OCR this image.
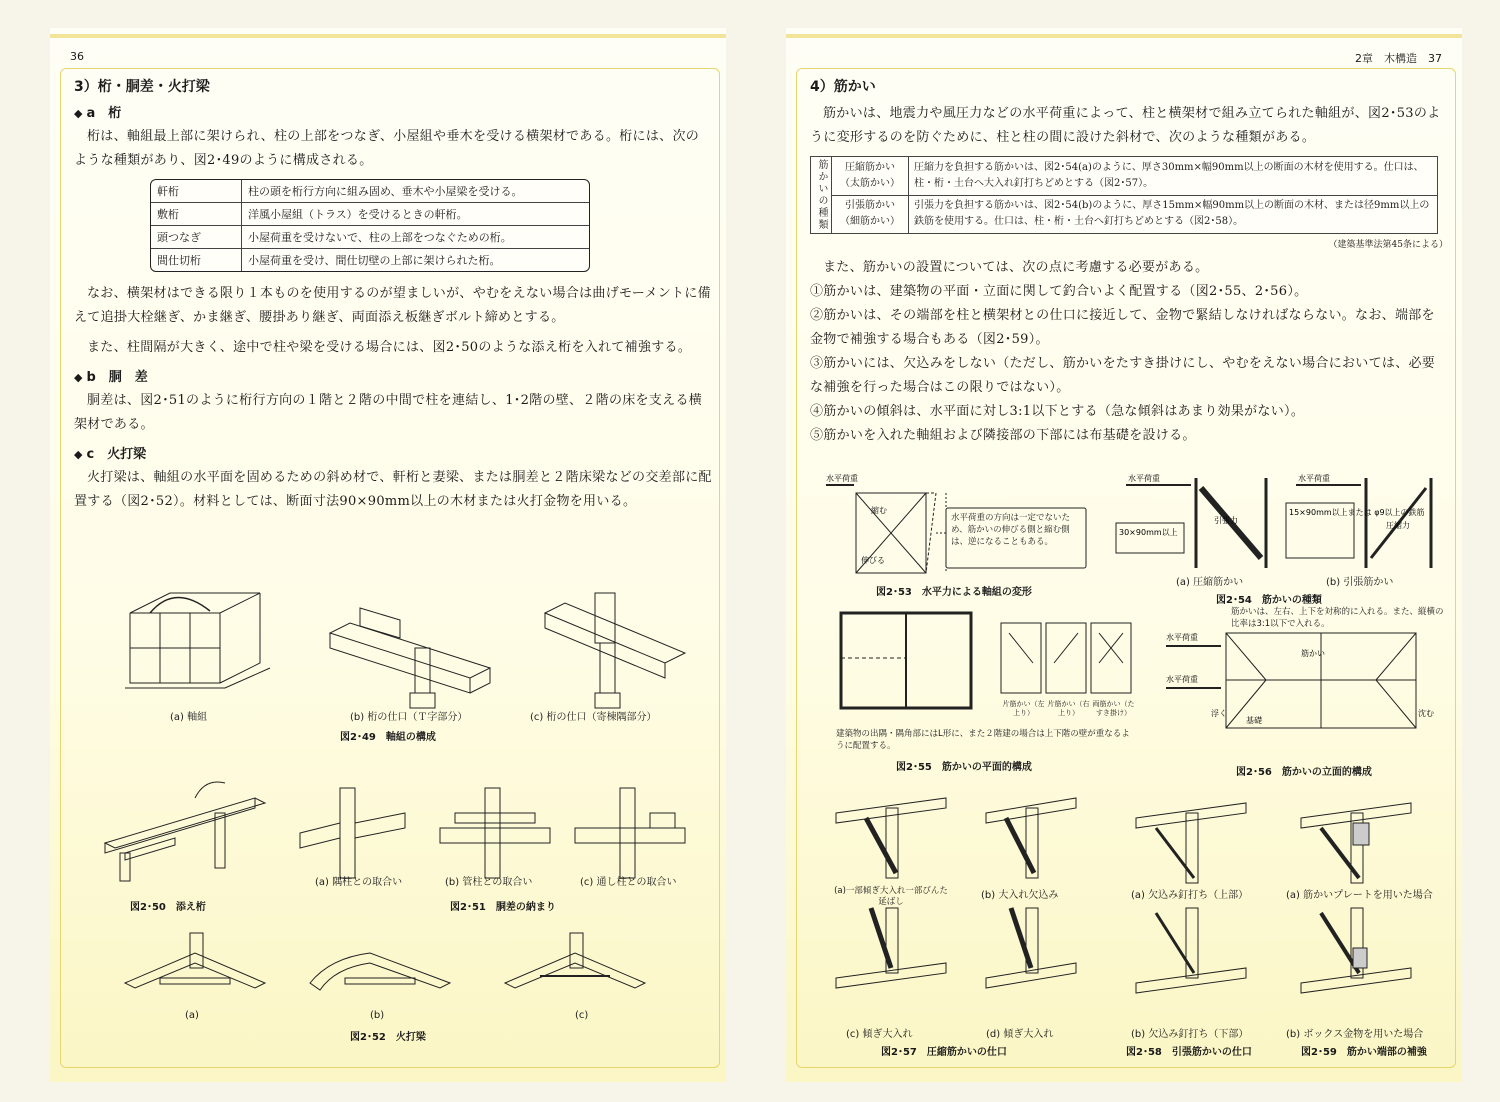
36
3）桁・胴差・火打梁
◆ a　桁

桁は、軸組最上部に架けられ、柱の上部をつなぎ、小屋組や垂木を受ける横架材である。桁には、次のような種類があり、図2･49のように構成される。

軒桁	柱の頭を桁行方向に組み固め、垂木や小屋梁を受ける。
敷桁	洋風小屋組（トラス）を受けるときの軒桁。
頭つなぎ	小屋荷重を受けないで、柱の上部をつなぐための桁。
間仕切桁	小屋荷重を受け、間仕切壁の上部に架けられた桁。

なお、横架材はできる限り１本ものを使用するのが望ましいが、やむをえない場合は曲げモーメントに備えて追掛大栓継ぎ、かま継ぎ、腰掛あり継ぎ、両面添え板継ぎボルト締めとする。

また、柱間隔が大きく、途中で柱や梁を受ける場合には、図2･50のような添え桁を入れて補強する。

◆ b　胴　差

胴差は、図2･51のように桁行方向の１階と２階の中間で柱を連結し、1･2階の壁、２階の床を支える横架材である。

◆ c　火打梁

火打梁は、軸組の水平面を固めるための斜め材で、軒桁と妻梁、または胴差と２階床梁などの交差部に配置する（図2･52）。材料としては、断面寸法90×90mm以上の木材または火打金物を用いる。

(a) 軸組	(b) 桁の仕口（Ｔ字部分）	(c) 桁の仕口（寄棟隅部分）
図2･49　軸組の構成
図2･50　添え桁
(a) 隅柱との取合い	(b) 管柱との取合い	(c) 通し柱との取合い
図2･51　胴差の納まり
(a)	(b)	(c)
図2･52　火打梁
2章　木構造　37
4）筋かい

筋かいは、地震力や風圧力などの水平荷重によって、柱と横架材で組み立てられた軸組が、図2･53のように変形するのを防ぐために、柱と柱の間に設けた斜材で、次のような種類がある。

筋かいの種類	圧縮筋かい（太筋かい）	圧縮力を負担する筋かいは、図2･54(a)のように、厚さ30mm×幅90mm以上の断面の木材を使用する。仕口は、柱・桁・土台へ大入れ釘打ちどめとする（図2･57）。
	引張筋かい（細筋かい）	引張力を負担する筋かいは、図2･54(b)のように、厚さ15mm×幅90mm以上の断面の木材、または径9mm以上の鉄筋を使用する。仕口は、柱・桁・土台へ釘打ちどめとする（図2･58）。
（建築基準法第45条による）

また、筋かいの設置については、次の点に考慮する必要がある。

①筋かいは、建築物の平面・立面に関して釣合いよく配置する（図2･55、2･56）。
②筋かいは、その端部を柱と横架材との仕口に接近して、金物で緊結しなければならない。なお、端部を金物で補強する場合もある（図2･59）。
③筋かいには、欠込みをしない（ただし、筋かいをたすき掛けにし、やむをえない場合においては、必要な補強を行った場合はこの限りではない）。
④筋かいの傾斜は、水平面に対し3:1以下とする（急な傾斜はあまり効果がない）。
⑤筋かいを入れた軸組および隣接部の下部には布基礎を設ける。
水平荷重
縮む
伸びる
水平荷重の方向は一定でないため、筋かいの伸びる側と縮む側は、逆になることもある。
図2･53　水平力による軸組の変形
水平荷重
30×90mm以上
引張力
(a) 圧縮筋かい
水平荷重
15×90mm以上または φ9以上の鉄筋
圧縮力
(b) 引張筋かい
図2･54　筋かいの種類
片筋かい（左上り）
片筋かい（右上り）
両筋かい（たすき掛け）
建築物の出隅・隅角部にはL形に、また２階建の場合は上下階の壁が重なるように配置する。
図2･55　筋かいの平面的構成
水平荷重
水平荷重
筋かい
基礎
浮く	沈む
筋かいは、左右、上下を対称的に入れる。また、縦横の比率は3:1以下で入れる。
図2･56　筋かいの立面的構成
(a)一部傾ぎ大入れ一部びんた延ばし
(b) 大入れ欠込み
(c) 傾ぎ大入れ	(d) 傾ぎ大入れ
図2･57　圧縮筋かいの仕口
(a) 欠込み釘打ち（上部）
(b) 欠込み釘打ち（下部）
図2･58　引張筋かいの仕口
(a) 筋かいプレートを用いた場合
(b) ボックス金物を用いた場合
図2･59　筋かい端部の補強
